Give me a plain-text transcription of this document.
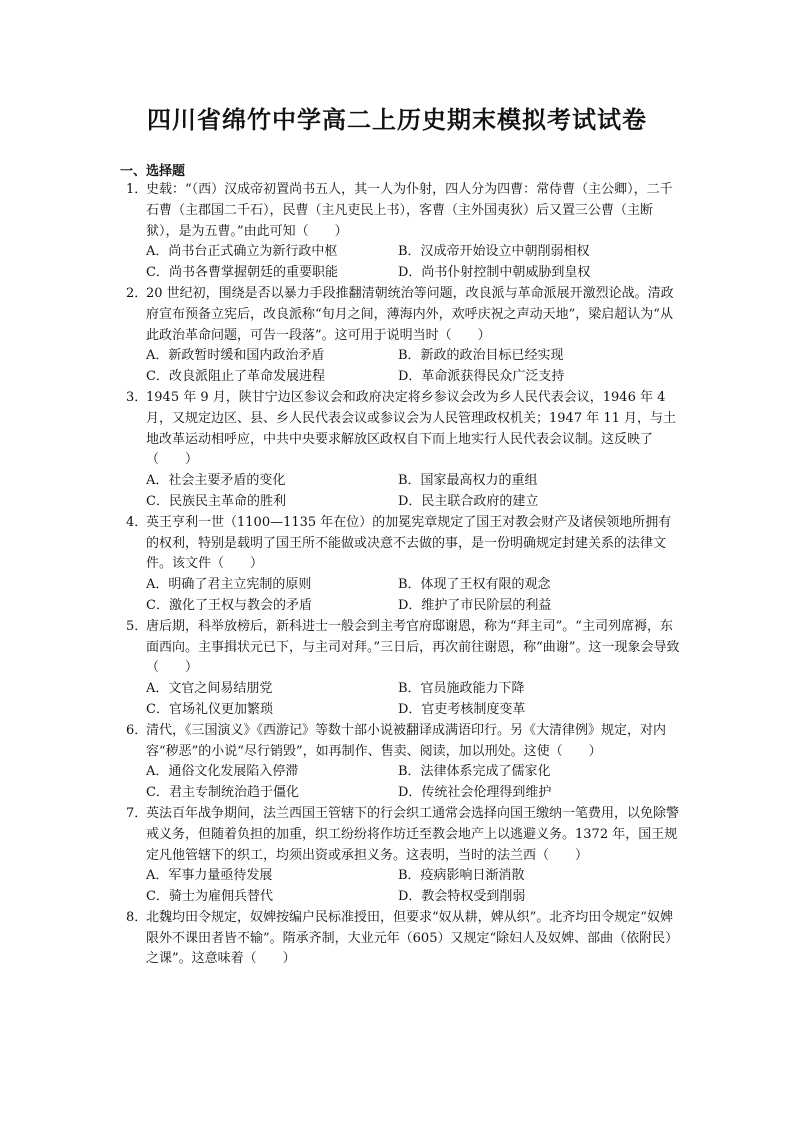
四川省绵竹中学高二上历史期末模拟考试试卷
一、选择题
1．
史载：“（西）汉成帝初置尚书五人，其一人为仆射，四人分为四曹：常侍曹（主公卿），二千石曹（主郡国二千石），民曹（主凡吏民上书），客曹（主外国夷狄）后又置三公曹（主断狱），是为五曹。”由此可知（　　）
A．尚书台正式确立为新行政中枢	B．汉成帝开始设立中朝削弱相权
C．尚书各曹掌握朝廷的重要职能	D．尚书仆射控制中朝威胁到皇权
2．
20 世纪初，围绕是否以暴力手段推翻清朝统治等问题，改良派与革命派展开激烈论战。清政府宣布预备立宪后，改良派称“旬月之间，薄海内外，欢呼庆祝之声动天地”，梁启超认为“从此政治革命问题，可告一段落”。这可用于说明当时（　　）
A．新政暂时缓和国内政治矛盾	B．新政的政治目标已经实现
C．改良派阻止了革命发展进程	D．革命派获得民众广泛支持
3．
1945 年 9 月，陕甘宁边区参议会和政府决定将乡参议会改为乡人民代表会议，1946 年 4 月，又规定边区、县、乡人民代表会议或参议会为人民管理政权机关；1947 年 11 月，与土地改革运动相呼应，中共中央要求解放区政权自下而上地实行人民代表会议制。这反映了（　　）
A．社会主要矛盾的变化	B．国家最高权力的重组
C．民族民主革命的胜利	D．民主联合政府的建立
4．
英王亨利一世（1100—1135 年在位）的加冕宪章规定了国王对教会财产及诸侯领地所拥有的权利，特别是载明了国王所不能做或决意不去做的事，是一份明确规定封建关系的法律文件。该文件（　　）
A．明确了君主立宪制的原则	B．体现了王权有限的观念
C．激化了王权与教会的矛盾	D．维护了市民阶层的利益
5．
唐后期，科举放榜后，新科进士一般会到主考官府邸谢恩，称为“拜主司”。“主司列席褥，东面西向。主事揖状元已下，与主司对拜。”三日后，再次前往谢恩，称“曲谢”。这一现象会导致（　　）
A．文官之间易结朋党	B．官员施政能力下降
C．官场礼仪更加繁琐	D．官吏考核制度变革
6．
清代，《三国演义》《西游记》等数十部小说被翻译成满语印行。另《大清律例》规定，对内容“秽恶”的小说“尽行销毁”，如再制作、售卖、阅读，加以刑处。这使（　　）
A．通俗文化发展陷入停滞	B．法律体系完成了儒家化
C．君主专制统治趋于僵化	D．传统社会伦理得到维护
7．
英法百年战争期间，法兰西国王管辖下的行会织工通常会选择向国王缴纳一笔费用，以免除警戒义务，但随着负担的加重，织工纷纷将作坊迁至教会地产上以逃避义务。1372 年，国王规定凡他管辖下的织工，均须出资或承担义务。这表明，当时的法兰西（　　）
A．军事力量亟待发展	B．疫病影响日渐消散
C．骑士为雇佣兵替代	D．教会特权受到削弱
8．
北魏均田令规定，奴婢按编户民标准授田，但要求“奴从耕，婢从织”。北齐均田令规定“奴婢限外不课田者皆不输”。隋承齐制，大业元年（605）又规定“除妇人及奴婢、部曲（依附民）之课”。这意味着（　　）
